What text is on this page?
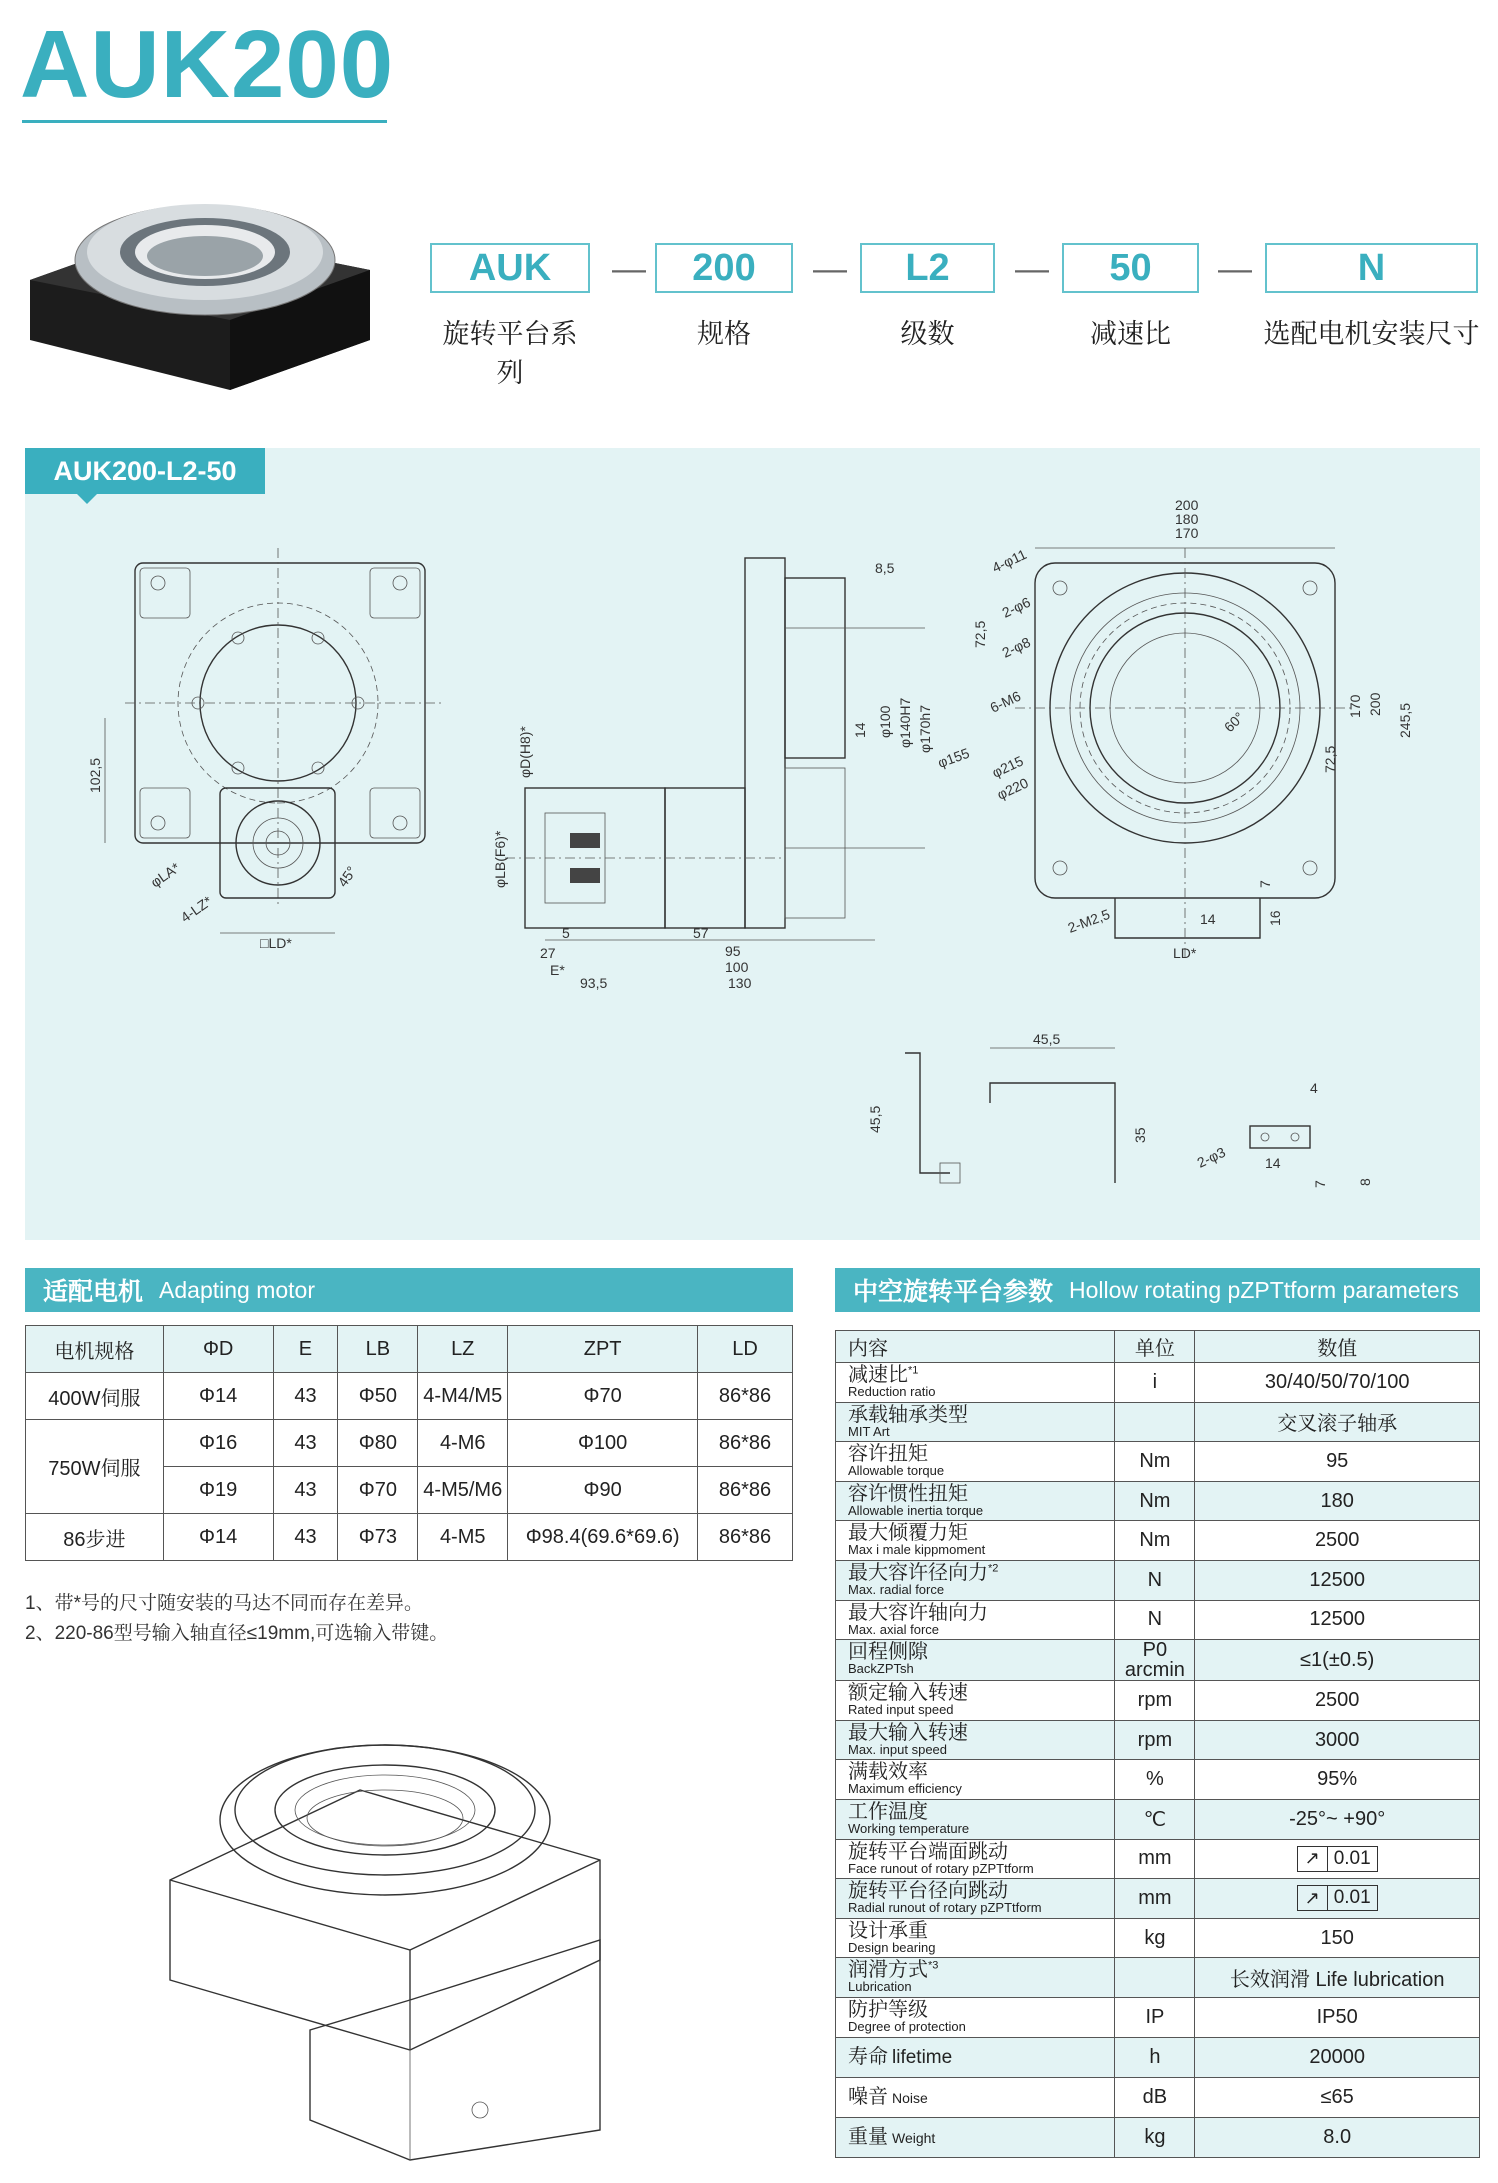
AUK200
AUK	—	200	—	L2	—	50	—	N
旋转平台系列
规格	级数	减速比	选配电机安装尺寸
AUK200-L2-50
102,5
φLA*
4-LZ*
45°
□LD*
8,5
φD(H8)*
φLB(F6)*
φ100 φ140H7 φ170h7
14
5
27
E*
57
95
100
130
93,5
200
180
170
4-φ11
2-φ6
2-φ8
6-M6
72,5
φ155 φ215
φ220
60°
170 200 245,5
72,5
7
14	16
2-M2,5
LD*
45,5
45,5
35
4
2-φ3	14
7 8
适配电机 Adapting motor
电机规格	ΦD	E	LB	LZ	ZPT	LD
400W伺服	Φ14	43	Φ50	4-M4/M5	Φ70	86*86
750W伺服	Φ16	43	Φ80	4-M6	Φ100	86*86
	Φ19	43	Φ70	4-M5/M6	Φ90	86*86
86步进	Φ14	43	Φ73	4-M5	Φ98.4(69.6*69.6)	86*86
1、带*号的尺寸随安装的马达不同而存在差异。
2、220-86型号输入轴直径≤19mm,可选输入带键。
中空旋转平台参数 Hollow rotating pZPTtform parameters
内容	单位	数值

减速比$^{*1}$
Reduction ratio	i	30/40/50/70/100

承载轴承类型
MIT Art		交叉滚子轴承

容许扭矩
Allowable torque	Nm	95

容许惯性扭矩
Allowable inertia torque	Nm	180

最大倾覆力矩
Max i male kippmoment	Nm	2500

最大容许径向力$^{*2}$
Max. radial force	N	12500

最大容许轴向力
Max. axial force	N	12500

回程侧隙
BackZPTsh	P0 arcmin	≤1(±0.5)

额定输入转速
Rated input speed	rpm	2500

最大输入转速
Max. input speed	rpm	3000

满载效率
Maximum efficiency	%	95%

工作温度
Working temperature	℃	-25°~ +90°

旋转平台端面跳动
Face runout of rotary pZPTtform	mm	↗ 0.01

旋转平台径向跳动
Radial runout of rotary pZPTtform	mm	↗ 0.01

设计承重
Design bearing	kg	150

润滑方式$^{*3}$
Lubrication		长效润滑 Life lubrication

防护等级
Degree of protection	IP	IP50
寿命 lifetime	h	20000
噪音 Noise	dB	≤65
重量 Weight	kg	8.0
